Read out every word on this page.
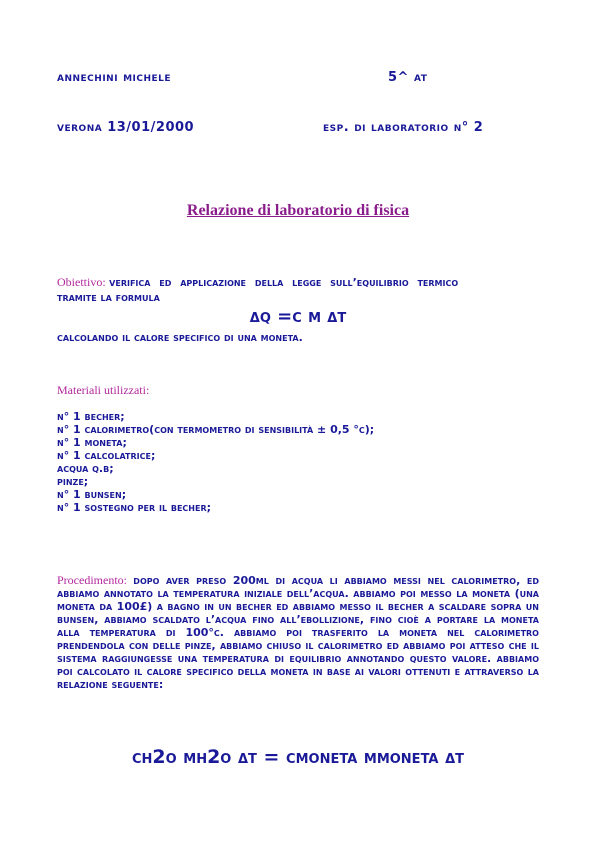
annechini michele	5^ at
verona 13/01/2000	esp. di laboratorio n° 2
Relazione di laboratorio di fisica
Obiettivo: verifica ed applicazione della legge sull’equilibrio termico
tramite la formula
δq =c m δt
calcolando il calore specifico di una moneta.
Materiali utilizzati:
n° 1 becher;
n° 1 calorimetro(con termometro di sensibilità ± 0,5 °c);
n° 1 moneta;
n° 1 calcolatrice;
acqua q.b;
pinze;
n° 1 bunsen;
n° 1 sostegno per il becher;
Procedimento: dopo aver preso 200ml di acqua li abbiamo messi nel calorimetro, ed abbiamo annotato la temperatura iniziale dell’acqua. abbiamo poi messo la moneta (una moneta da 100£) a bagno in un becher ed abbiamo messo il becher a scaldare sopra un bunsen, abbiamo scaldato l’acqua fino all’ebollizione, fino cioè a portare la moneta alla temperatura di 100°c. abbiamo poi trasferito la moneta nel calorimetro prendendola con delle pinze, abbiamo chiuso il calorimetro ed abbiamo poi atteso che il sistema raggiungesse una temperatura di equilibrio annotando questo valore. abbiamo poi calcolato il calore specifico della moneta in base ai valori ottenuti e attraverso la relazione seguente:
ch2o mh2o δt = cmoneta mmoneta δt
